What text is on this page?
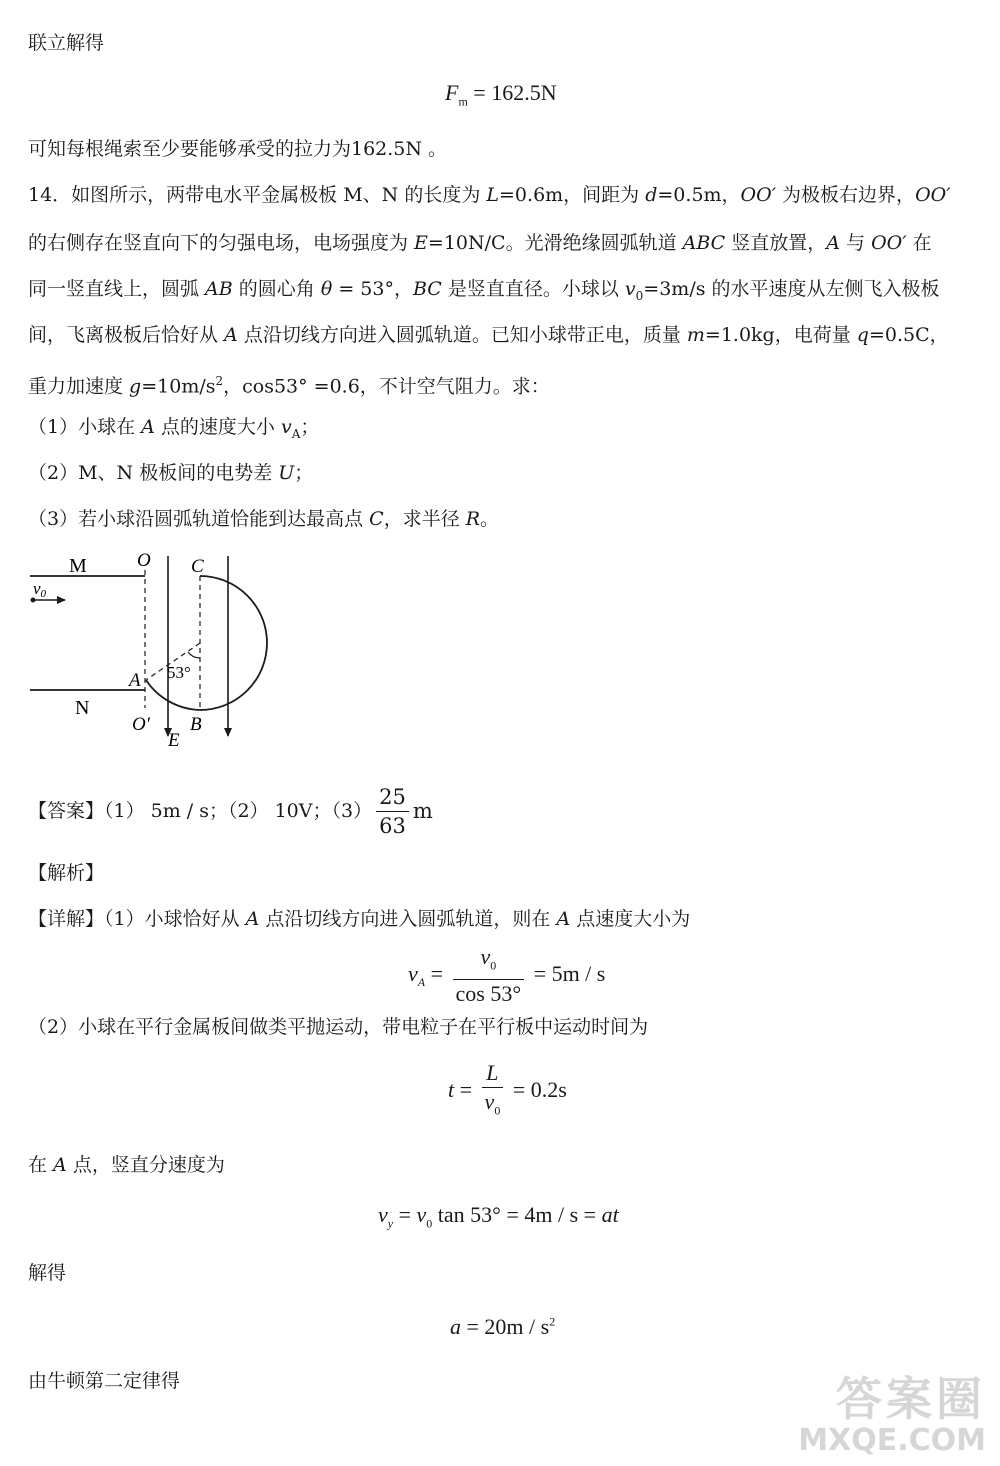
联立解得
$F_m = 162.5N$
可知每根绳索至少要能够承受的拉力为162.5N 。
14．如图所示，两带电水平金属极板 M、N 的长度为 L=0.6m，间距为 d=0.5m，OO′ 为极板右边界，OO′
的右侧存在竖直向下的匀强电场，电场强度为 E=10N/C。光滑绝缘圆弧轨道 ABC 竖直放置，A 与 OO′ 在
同一竖直线上，圆弧 AB 的圆心角 θ = 53°，BC 是竖直直径。小球以 $v_0=3m/s$ 的水平速度从左侧飞入极板
间，飞离极板后恰好从 A 点沿切线方向进入圆弧轨道。已知小球带正电，质量 m=1.0kg，电荷量 q=0.5C，
重力加速度 $g=10m/s^2$，cos53° =0.6，不计空气阻力。求：
（1）小球在 A 点的速度大小 $v_A$；
（2）M、N 极板间的电势差 U；
（3）若小球沿圆弧轨道恰能到达最高点 C，求半径 R。
M
N
v0
O C
A 53°
O′ B
E
【答案】（1） 5m / s；（2） 10V；$(3) \frac{25}{63}$ m
【解析】
【详解】（1）小球恰好从 A 点沿切线方向进入圆弧轨道，则在 A 点速度大小为
$v_A = \frac{v_0}{\cos 53^\circ} = 5m / s$
（2）小球在平行金属板间做类平抛运动，带电粒子在平行板中运动时间为
$t = \frac{L}{v_0} = 0.2s$
在 A 点，竖直分速度为
$v_y = v_0$ tan 53° = 4m / s = at
解得
$a = 20m / s^2$
由牛顿第二定律得	答案圈
MXQE.COM
